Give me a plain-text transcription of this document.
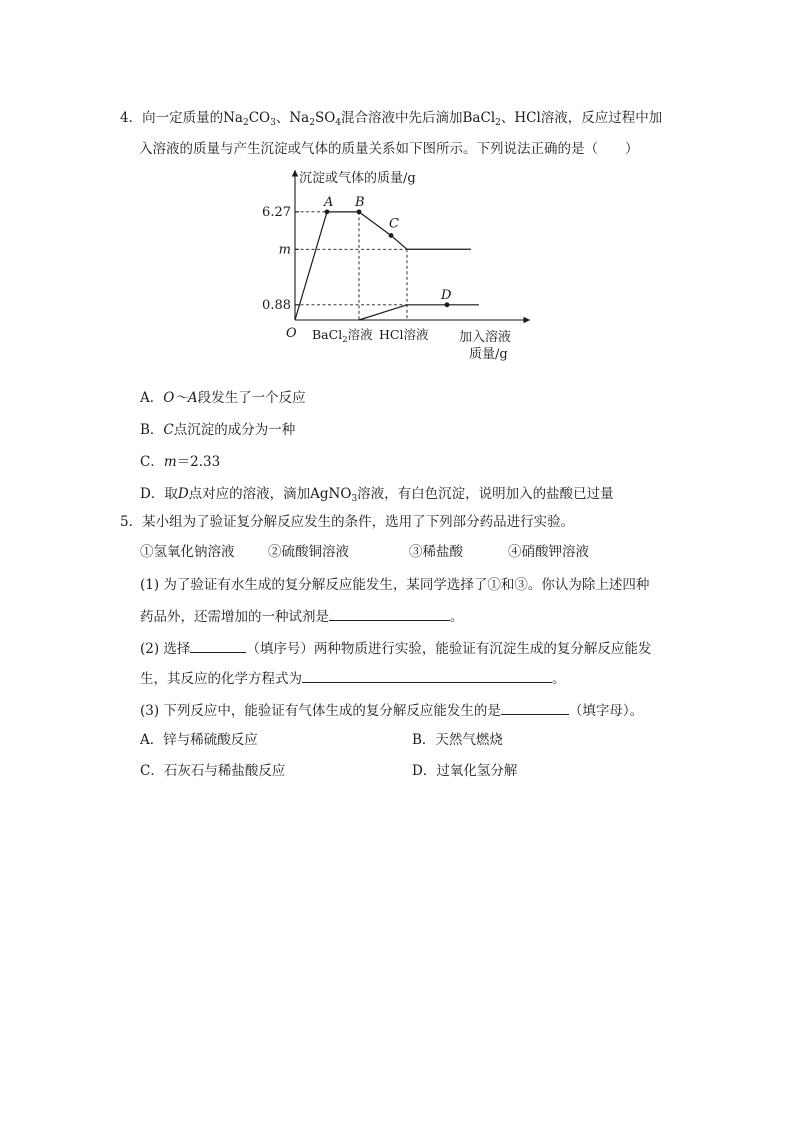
4．向一定质量的$Na_2CO_3$、$Na_2SO_4$混合溶液中先后滴加BaCl$_2$、HCl溶液，反应过程中加
入溶液的质量与产生沉淀或气体的质量关系如下图所示。下列说法正确的是（　　）
沉淀或气体的质量/g
O
6.27
m
0.88
A B
C
D
BaCl$_2$溶液 HCl溶液 加入溶液
质量/g
A．O～A段发生了一个反应
B．C点沉淀的成分为一种
C．m＝2.33
D．取D点对应的溶液，滴加AgNO$_3$溶液，有白色沉淀，说明加入的盐酸已过量
5．某小组为了验证复分解反应发生的条件，选用了下列部分药品进行实验。
①氢氧化钠溶液 ②硫酸铜溶液	③稀盐酸	④硝酸钾溶液
(1) 为了验证有水生成的复分解反应能发生，某同学选择了①和③。你认为除上述四种
药品外，还需增加的一种试剂是	。
(2) 选择	（填序号）两种物质进行实验，能验证有沉淀生成的复分解反应能发
生，其反应的化学方程式为	。
(3) 下列反应中，能验证有气体生成的复分解反应能发生的是	（填字母）。
A．锌与稀硫酸反应	B．天然气燃烧
C．石灰石与稀盐酸反应	D．过氧化氢分解
